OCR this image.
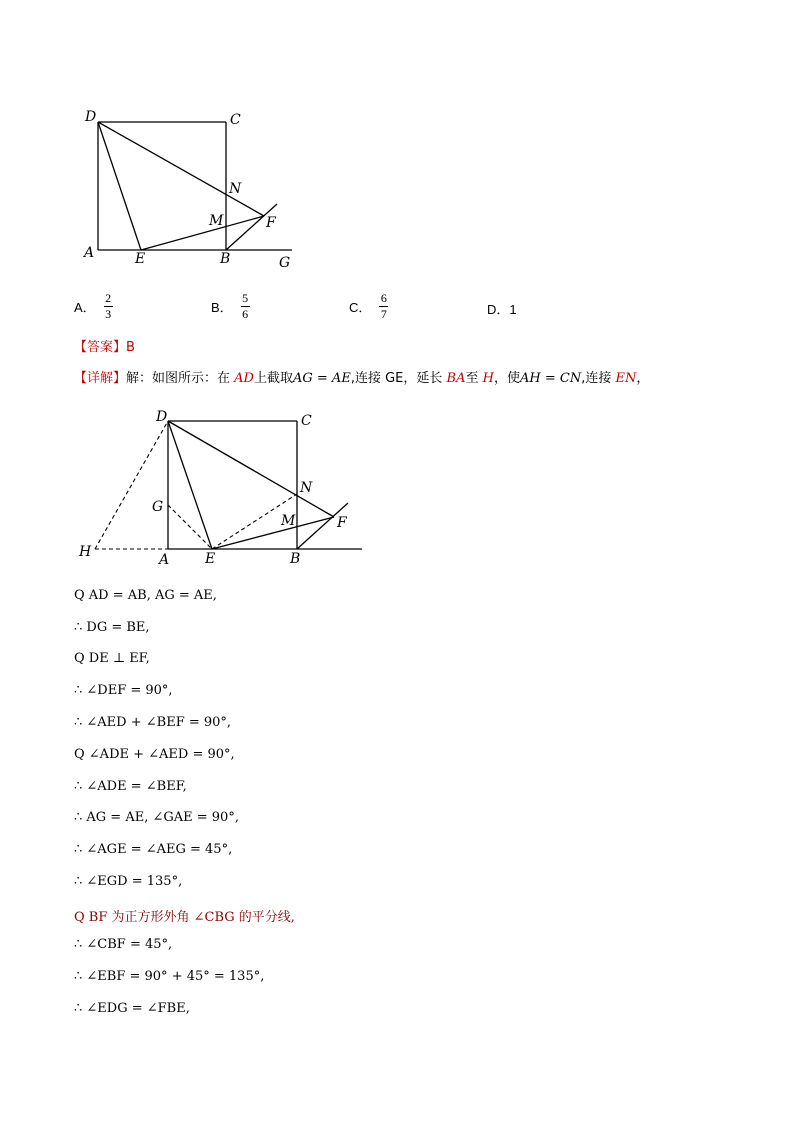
D	C
N
M	F
A	E	B	G
A． $\frac{2}{3}$	B． $\frac{5}{6}$	C． $\frac{6}{7}$	D．1
【答案】B
【详解】解：如图所示：在 AD上截取AG = AE,连接 GE，延长 BA至 H，使AH = CN,连接 EN，
D	C
G
N
M	F
H	A	E	B
Q AD = AB, AG = AE,
∴ DG = BE,
Q DE ⊥ EF,
∴ ∠DEF = 90°,
∴ ∠AED + ∠BEF = 90°,
Q ∠ADE + ∠AED = 90°,
∴ ∠ADE = ∠BEF,
∴ AG = AE, ∠GAE = 90°,
∴ ∠AGE = ∠AEG = 45°,
∴ ∠EGD = 135°,
Q BF 为正方形外角 ∠CBG 的平分线,
∴ ∠CBF = 45°,
∴ ∠EBF = 90° + 45° = 135°,
∴ ∠EDG = ∠FBE,
